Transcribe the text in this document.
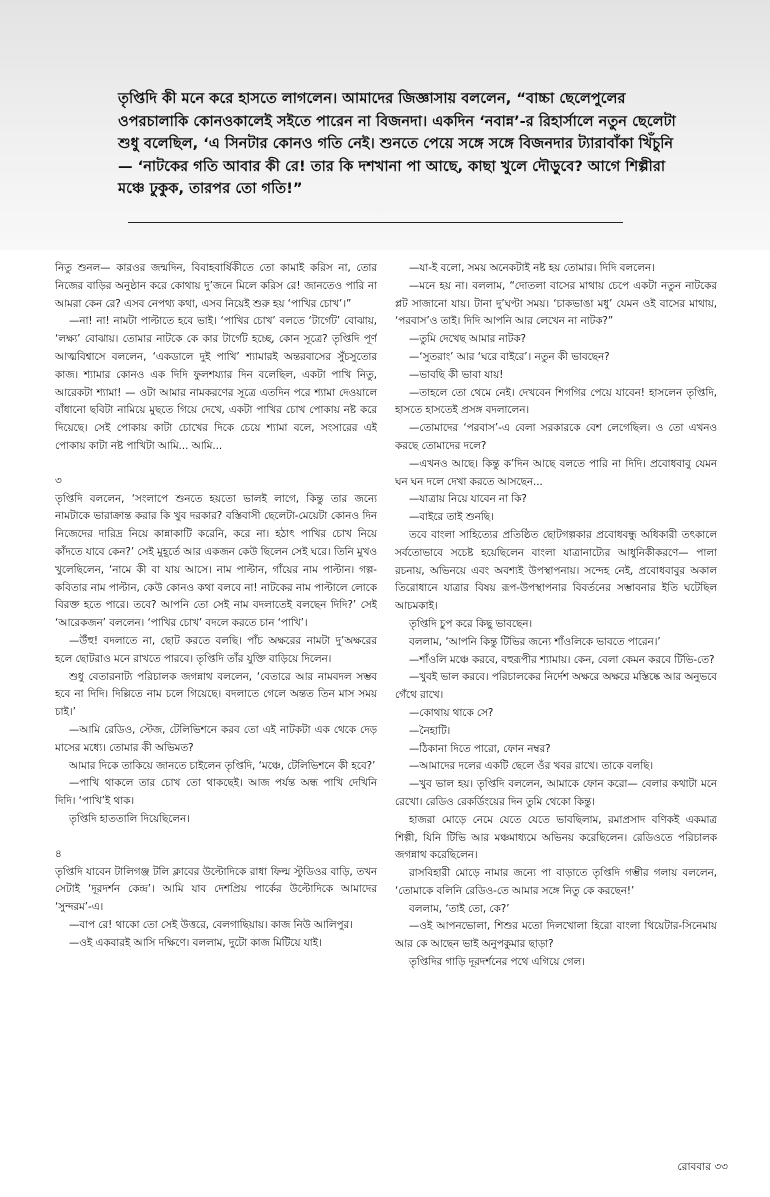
তৃপ্তিদি কী মনে করে হাসতে লাগলেন। আমাদের জিজ্ঞাসায় বললেন, “বাচ্চা ছেলেপুলের ওপরচালাকি কোনওকালেই সইতে পারেন না বিজনদা। একদিন ‘নবান্ন’-র রিহার্সালে নতুন ছেলেটা শুধু বলেছিল, ‘এ সিনটার কোনও গতি নেই। শুনতে পেয়ে সঙ্গে সঙ্গে বিজনদার ট্যারাবাঁকা খিঁচুনি— ‘নাটকের গতি আবার কী রে! তার কি দশখানা পা আছে, কাছা খুলে দৌড়ুবে? আগে শিল্পীরা মঞ্চে ঢুকুক, তারপর তো গতি!”

নিতু শুনল— কারওর জন্মদিন, বিবাহবার্ষিকীতে তো কামাই করিস না, তোর নিজের বাড়ির অনুষ্ঠান করে কোথায় দু’জনে মিলে করিস রে! জানতেও পারি না আমরা কেন রে? এসব নেপথ্য কথা, এসব নিয়েই শুরু হয় ‘পাখির চোখ’।”

—না! না! নামটা পাল্টাতে হবে ভাই। ‘পাখির চোখ’ বলতে ‘টার্গেট’ বোঝায়, ‘লক্ষ্য’ বোঝায়। তোমার নাটকে কে কার টার্গেট হচ্ছে, কোন সূত্রে? তৃপ্তিদি পূর্ণ আত্মবিশ্বাসে বললেন, ‘একডালে দুই পাখি’ শ্যামারই অন্তরবাসের সুঁচসুতোর কাজ। শ্যামার কোনও এক দিদি ফুলশয্যার দিন বলেছিল, একটা পাখি নিতু, আরেকটা শ্যামা! — ওটা আমার নামকরণের সূত্রে এতদিন পরে শ্যামা দেওয়ালে বাঁধানো ছবিটা নামিয়ে মুছতে গিয়ে দেখে, একটা পাখির চোখ পোকায় নষ্ট করে দিয়েছে। সেই পোকায় কাটা চোখের দিকে চেয়ে শ্যামা বলে, সংসারের এই পোকায় কাটা নষ্ট পাখিটা আমি... আমি...

৩

তৃপ্তিদি বললেন, ‘সংলাপে শুনতে হয়তো ভালই লাগে, কিন্তু তার জন্যে নামটাকে ভারাক্রান্ত করার কি খুব দরকার? বস্তিবাসী ছেলেটা-মেয়েটা কোনও দিন নিজেদের দারিদ্র নিয়ে কান্নাকাটি করেনি, করে না। হঠাৎ পাখির চোখ নিয়ে কাঁদতে যাবে কেন?’ সেই মুহূর্তে আর একজন কেউ ছিলেন সেই ঘরে। তিনি মুখও খুলেছিলেন, ‘নামে কী বা যায় আসে। নাম পাল্টান, গাঁয়ের নাম পাল্টান। গল্প-কবিতার নাম পাল্টান, কেউ কোনও কথা বলবে না! নাটকের নাম পাল্টালে লোকে বিরক্ত হতে পারে। তবে? আপনি তো সেই নাম বদলাতেই বলছেন দিদি?’ সেই ‘আরেকজন’ বললেন। ‘পাখির চোখ’ বদলে করতে চান ‘পাখি’।

—উঁহু! বদলাতে না, ছোট করতে বলছি। পাঁচ অক্ষরের নামটা দু’অক্ষরের হলে ছোটরাও মনে রাখতে পারবে। তৃপ্তিদি তাঁর যুক্তি বাড়িয়ে দিলেন।

শুধু বেতারনাট্য পরিচালক জগন্নাথ বললেন, ‘বেতারে আর নামবদল সম্ভব হবে না দিদি। দিল্লিতে নাম চলে গিয়েছে। বদলাতে গেলে অন্তত তিন মাস সময় চাই।’

—আমি রেডিও, স্টেজ, টেলিভিশনে করব তো এই নাটকটা এক থেকে দেড় মাসের মধ্যে। তোমার কী অভিমত?

আমার দিকে তাকিয়ে জানতে চাইলেন তৃপ্তিদি, ‘মঞ্চে, টেলিভিশনে কী হবে?’

—পাখি থাকলে তার চোখ তো থাকছেই। আজ পর্যন্ত অন্ধ পাখি দেখিনি দিদি। ‘পাখি’ই থাক।

তৃপ্তিদি হাততালি দিয়েছিলেন।

৪

তৃপ্তিদি যাবেন টালিগঞ্জ টলি ক্লাবের উল্টোদিকে রাধা ফিল্ম স্টুডিওর বাড়ি, তখন সেটাই ‘দূরদর্শন কেন্দ্র’। আমি যাব দেশপ্রিয় পার্কের উল্টোদিকে আমাদের ‘সুন্দরম’-এ।

—বাপ রে! থাকো তো সেই উত্তরে, বেলগাছিয়ায়। কাজ নিউ আলিপুর।

—ওই একবারই আসি দক্ষিণে। বললাম, দুটো কাজ মিটিয়ে যাই।

—যা-ই বলো, সময় অনেকটাই নষ্ট হয় তোমার। দিদি বললেন।

—মনে হয় না। বললাম, “দোতলা বাসের মাথায় চেপে একটা নতুন নাটকের প্লট সাজানো যায়। টানা দু’ঘণ্টা সময়। ‘চাকভাঙা মধু’ যেমন ওই বাসের মাথায়, ‘পরবাস’ও তাই। দিদি আপনি আর লেখেন না নাটক?”

—তুমি দেখেছ আমার নাটক?

—‘সুতরাং’ আর ‘ঘরে বাইরে’। নতুন কী ভাবছেন?

—ভাবছি কী ভাবা যায়!

—তাহলে তো থেমে নেই। দেখবেন শিগগির পেয়ে যাবেন! হাসলেন তৃপ্তিদি, হাসতে হাসতেই প্রসঙ্গ বদলালেন।

—তোমাদের ‘পরবাস’-এ বেলা সরকারকে বেশ লেগেছিল। ও তো এখনও করছে তোমাদের দলে?

—এখনও আছে। কিন্তু ক’দিন আছে বলতে পারি না দিদি। প্রবোধবাবু যেমন ঘন ঘন দলে দেখা করতে আসছেন...

—যাত্রায় নিয়ে যাবেন না কি?

—বাইরে তাই শুনছি।

তবে বাংলা সাহিত্যের প্রতিষ্ঠিত ছোটগল্পকার প্রবোধবন্ধু অধিকারী তৎকালে সর্বতোভাবে সচেষ্ট হয়েছিলেন বাংলা যাত্রানাট্যের আধুনিকীকরণে— পালা রচনায়, অভিনয়ে এবং অবশ্যই উপস্থাপনায়। সন্দেহ নেই, প্রবোধবাবুর অকাল তিরোধানে যাত্রার বিষয় রূপ-উপস্থাপনার বিবর্তনের সম্ভাবনার ইতি ঘটেছিল আচমকাই।

তৃপ্তিদি চুপ করে কিছু ভাবছেন।

বললাম, ‘আপনি কিন্তু টিভির জন্যে শাঁওলিকে ভাবতে পারেন।’

—শাঁওলি মঞ্চে করবে, বহুরূপীর শ্যামায়। কেন, বেলা কেমন করবে টিভি-তে?

—খুবই ভাল করবে। পরিচালকের নির্দেশ অক্ষরে অক্ষরে মস্তিষ্কে আর অনুভবে গেঁথে রাখে।

—কোথায় থাকে সে?

—নৈহাটি।

—ঠিকানা দিতে পারো, ফোন নম্বর?

—আমাদের দলের একটি ছেলে ওঁর খবর রাখে। তাকে বলছি।

—খুব ভাল হয়। তৃপ্তিদি বললেন, আমাকে ফোন করো— বেলার কথাটা মনে রেখো। রেডিও রেকর্ডিংয়ের দিন তুমি থেকো কিন্তু।

হাজরা মোড়ে নেমে যেতে যেতে ভাবছিলাম, রমাপ্রসাদ বণিকই একমাত্র শিল্পী, যিনি টিভি আর মঞ্চমাধ্যমে অভিনয় করেছিলেন। রেডিওতে পরিচালক জগন্নাথ করেছিলেন।

রাসবিহারী মোড়ে নামার জন্যে পা বাড়াতে তৃপ্তিদি গম্ভীর গলায় বললেন, ‘তোমাকে বলিনি রেডিও-তে আমার সঙ্গে নিতু কে করছেন!’

বললাম, ‘তাই তো, কে?’

—ওই আপনভোলা, শিশুর মতো দিলখোলা হিরো বাংলা থিয়েটার-সিনেমায় আর কে আছেন ভাই অনুপকুমার ছাড়া?

তৃপ্তিদির গাড়ি দূরদর্শনের পথে এগিয়ে গেল।

রোববার ৩৩
